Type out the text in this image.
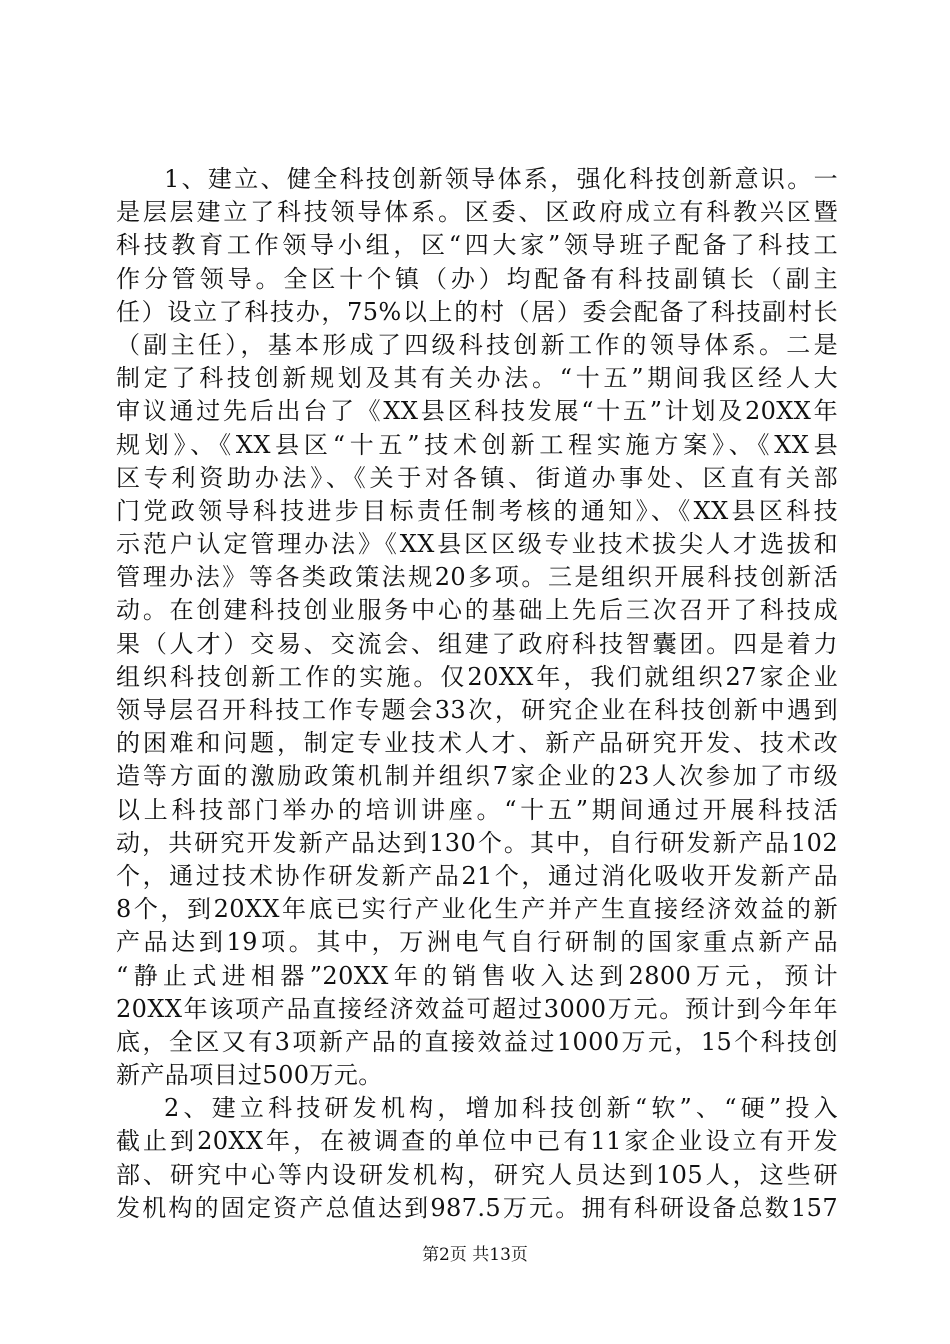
1、建立、健全科技创新领导体系，强化科技创新意识。一
是层层建立了科技领导体系。区委、区政府成立有科教兴区暨
科技教育工作领导小组，区“四大家”领导班子配备了科技工
作分管领导。全区十个镇（办）均配备有科技副镇长（副主
任）设立了科技办，75%以上的村（居）委会配备了科技副村长
（副主任），基本形成了四级科技创新工作的领导体系。二是
制定了科技创新规划及其有关办法。“十五”期间我区经人大
审议通过先后出台了《XX县区科技发展“十五”计划及20XX年
规划》、《XX县区“十五”技术创新工程实施方案》、《XX县
区专利资助办法》、《关于对各镇、街道办事处、区直有关部
门党政领导科技进步目标责任制考核的通知》、《XX县区科技
示范户认定管理办法》《XX县区区级专业技术拔尖人才选拔和
管理办法》等各类政策法规20多项。三是组织开展科技创新活
动。在创建科技创业服务中心的基础上先后三次召开了科技成
果（人才）交易、交流会、组建了政府科技智囊团。四是着力
组织科技创新工作的实施。仅20XX年，我们就组织27家企业
领导层召开科技工作专题会33次，研究企业在科技创新中遇到
的困难和问题，制定专业技术人才、新产品研究开发、技术改
造等方面的激励政策机制并组织7家企业的23人次参加了市级
以上科技部门举办的培训讲座。“十五”期间通过开展科技活
动，共研究开发新产品达到130个。其中，自行研发新产品102
个，通过技术协作研发新产品21个，通过消化吸收开发新产品
8个，到20XX年底已实行产业化生产并产生直接经济效益的新
产品达到19项。其中，万洲电气自行研制的国家重点新产品
“静止式进相器”20XX年的销售收入达到2800万元，预计
20XX年该项产品直接经济效益可超过3000万元。预计到今年年
底，全区又有3项新产品的直接效益过1000万元，15个科技创
新产品项目过500万元。
2、建立科技研发机构，增加科技创新“软”、“硬”投入
截止到20XX年，在被调查的单位中已有11家企业设立有开发
部、研究中心等内设研发机构，研究人员达到105人，这些研
发机构的固定资产总值达到987.5万元。拥有科研设备总数157
第2页 共13页
